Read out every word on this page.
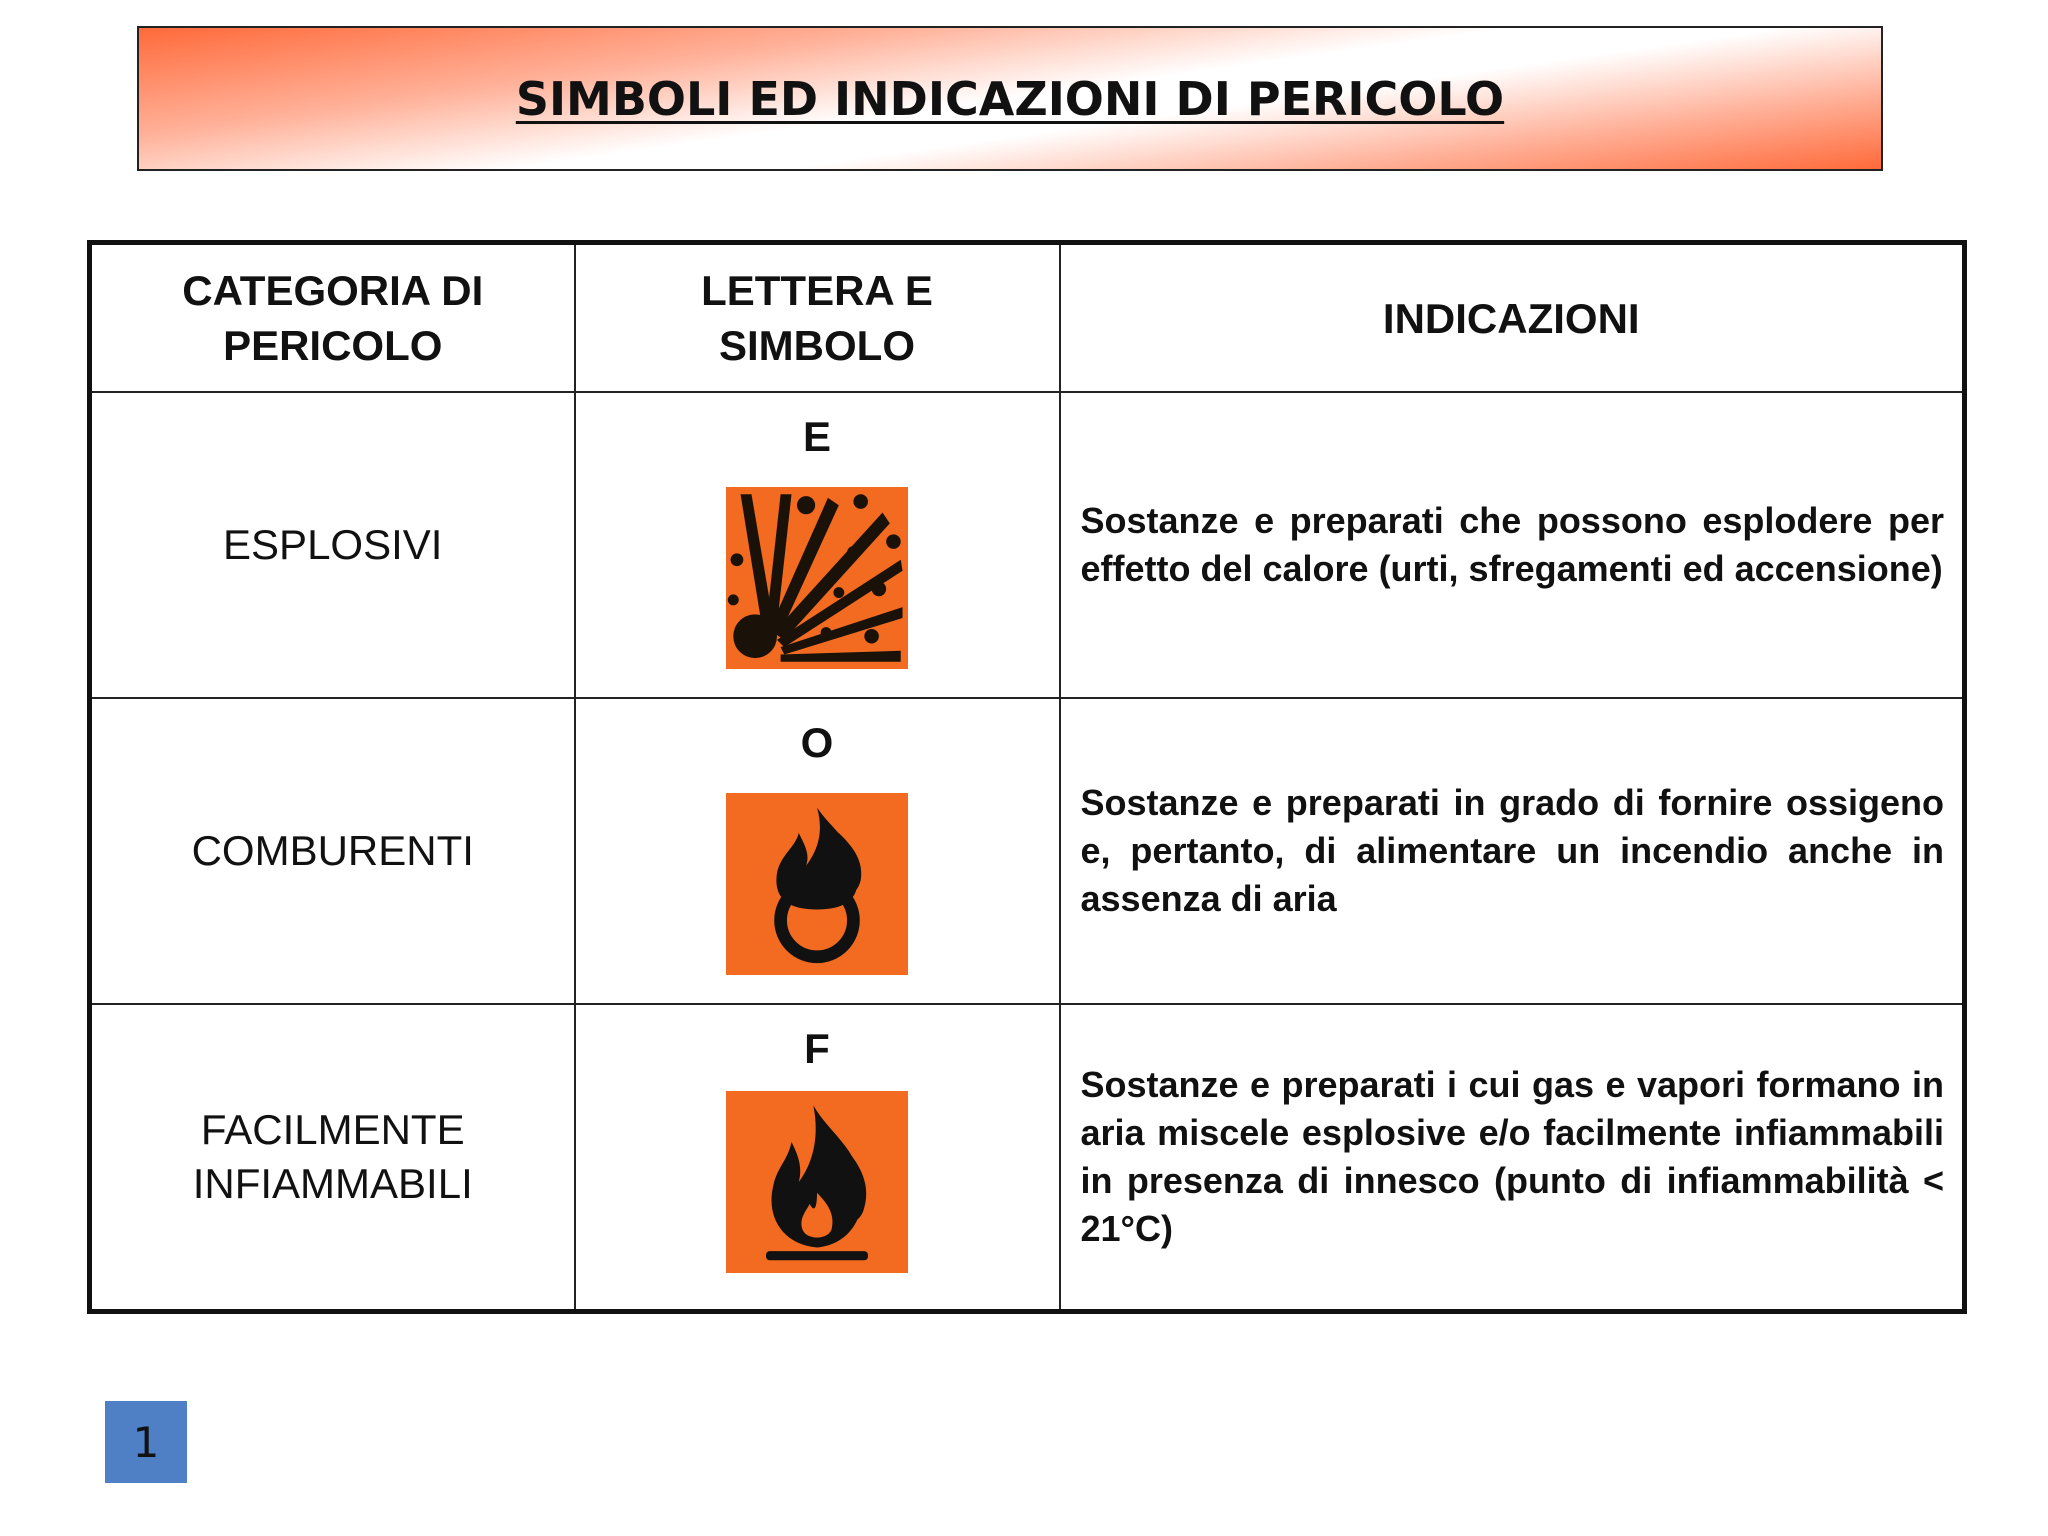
SIMBOLI ED INDICAZIONI DI PERICOLO
CATEGORIA DI PERICOLO	LETTERA E SIMBOLO	INDICAZIONI
ESPLOSIVI	E	Sostanze e preparati che possono esplodere per effetto del calore (urti, sfregamenti ed accensione)
COMBURENTI	O	Sostanze e preparati in grado di fornire ossigeno e, pertanto, di alimentare un incendio anche in assenza di aria
FACILMENTE INFIAMMABILI	F	Sostanze e preparati i cui gas e vapori formano in aria miscele esplosive e/o facilmente infiammabili in presenza di innesco (punto di infiammabilità < 21°C)
1
